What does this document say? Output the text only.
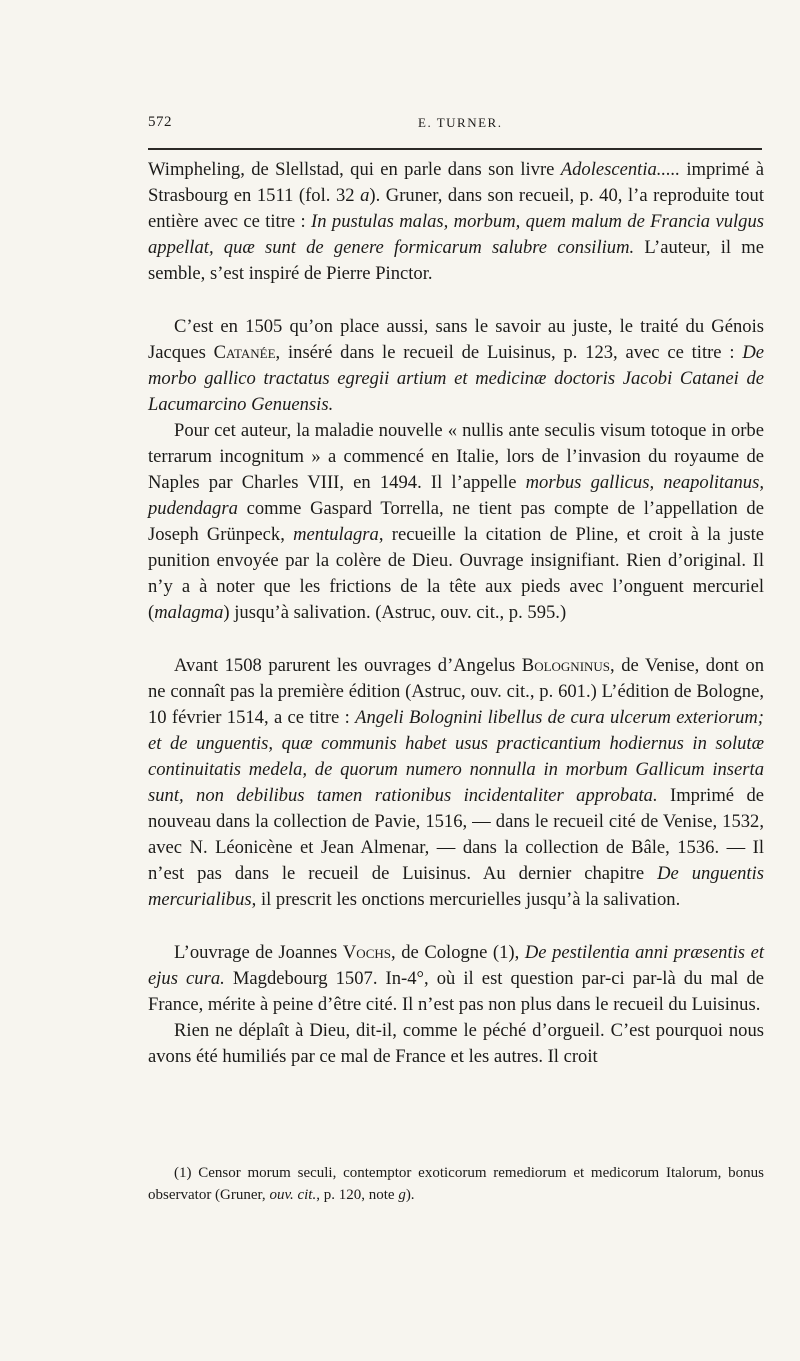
572	E. TURNER.

Wimpheling, de Slellstad, qui en parle dans son livre Adolescentia..... imprimé à Strasbourg en 1511 (fol. 32 a). Gruner, dans son recueil, p. 40, l’a reproduite tout entière avec ce titre : In pustulas malas, morbum, quem malum de Francia vulgus appellat, quæ sunt de genere formicarum salubre consilium. L’auteur, il me semble, s’est inspiré de Pierre Pinctor.

C’est en 1505 qu’on place aussi, sans le savoir au juste, le traité du Génois Jacques Catanée, inséré dans le recueil de Luisinus, p. 123, avec ce titre : De morbo gallico tractatus egregii artium et medicinæ doctoris Jacobi Catanei de Lacumarcino Genuensis.

Pour cet auteur, la maladie nouvelle « nullis ante seculis visum totoque in orbe terrarum incognitum » a commencé en Italie, lors de l’invasion du royaume de Naples par Charles VIII, en 1494. Il l’appelle morbus gallicus, neapolitanus, pudendagra comme Gaspard Torrella, ne tient pas compte de l’appellation de Joseph Grünpeck, mentulagra, recueille la citation de Pline, et croit à la juste punition envoyée par la colère de Dieu. Ouvrage insignifiant. Rien d’original. Il n’y a à noter que les frictions de la tête aux pieds avec l’onguent mercuriel (malagma) jusqu’à salivation. (Astruc, ouv. cit., p. 595.)

Avant 1508 parurent les ouvrages d’Angelus Bologninus, de Venise, dont on ne connaît pas la première édition (Astruc, ouv. cit., p. 601.) L’édition de Bologne, 10 février 1514, a ce titre : Angeli Bolognini libellus de cura ulcerum exteriorum; et de unguentis, quæ communis habet usus practicantium hodiernus in solutæ continuitatis medela, de quorum numero nonnulla in morbum Gallicum inserta sunt, non debilibus tamen rationibus incidentaliter approbata. Imprimé de nouveau dans la collection de Pavie, 1516, — dans le recueil cité de Venise, 1532, avec N. Léonicène et Jean Almenar, — dans la collection de Bâle, 1536. — Il n’est pas dans le recueil de Luisinus. Au dernier chapitre De unguentis mercurialibus, il prescrit les onctions mercurielles jusqu’à la salivation.

L’ouvrage de Joannes Vochs, de Cologne (1), De pestilentia anni præsentis et ejus cura. Magdebourg 1507. In-4°, où il est question par-ci par-là du mal de France, mérite à peine d’être cité. Il n’est pas non plus dans le recueil du Luisinus.

Rien ne déplaît à Dieu, dit-il, comme le péché d’orgueil. C’est pourquoi nous avons été humiliés par ce mal de France et les autres. Il croit

(1) Censor morum seculi, contemptor exoticorum remediorum et medicorum Italorum, bonus observator (Gruner, ouv. cit., p. 120, note g).
